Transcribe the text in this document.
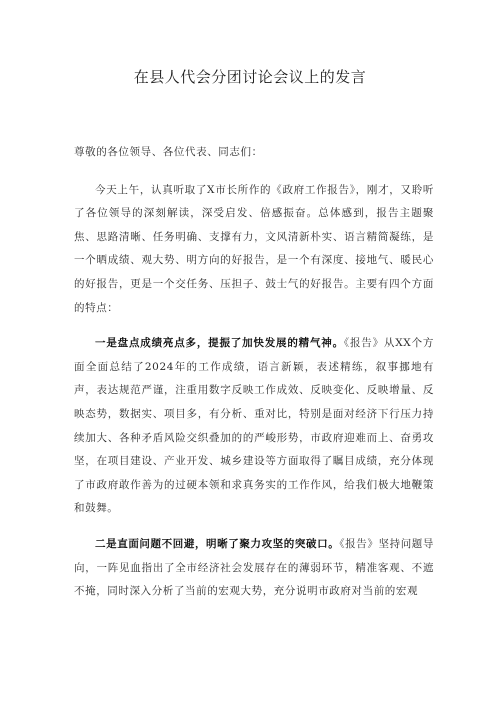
在县人代会分团讨论会议上的发言

尊敬的各位领导、各位代表、同志们：

今天上午，认真听取了X市长所作的《政府工作报告》，刚才，又聆听了各位领导的深刻解读，深受启发、倍感振奋。总体感到，报告主题聚焦、思路清晰、任务明确、支撑有力，文风清新朴实、语言精简凝练，是一个晒成绩、观大势、明方向的好报告，是一个有深度、接地气、暖民心的好报告，更是一个交任务、压担子、鼓士气的好报告。主要有四个方面的特点：

一是盘点成绩亮点多，提振了加快发展的精气神。《报告》从XX个方面全面总结了2024年的工作成绩，语言新颖，表述精练，叙事挪地有声，表达规范严谨，注重用数字反映工作成效、反映变化、反映增量、反映态势，数据实、项目多，有分析、重对比，特别是面对经济下行压力持续加大、各种矛盾风险交织叠加的的严峻形势，市政府迎难而上、奋勇攻坚，在项目建设、产业开发、城乡建设等方面取得了瞩目成绩，充分体现了市政府敢作善为的过硬本领和求真务实的工作作风，给我们极大地鞭策和鼓舞。

二是直面问题不回避，明晰了聚力攻坚的突破口。《报告》坚持问题导向，一阵见血指出了全市经济社会发展存在的薄弱环节，精准客观、不遮不掩，同时深入分析了当前的宏观大势，充分说明市政府对当前的宏观
